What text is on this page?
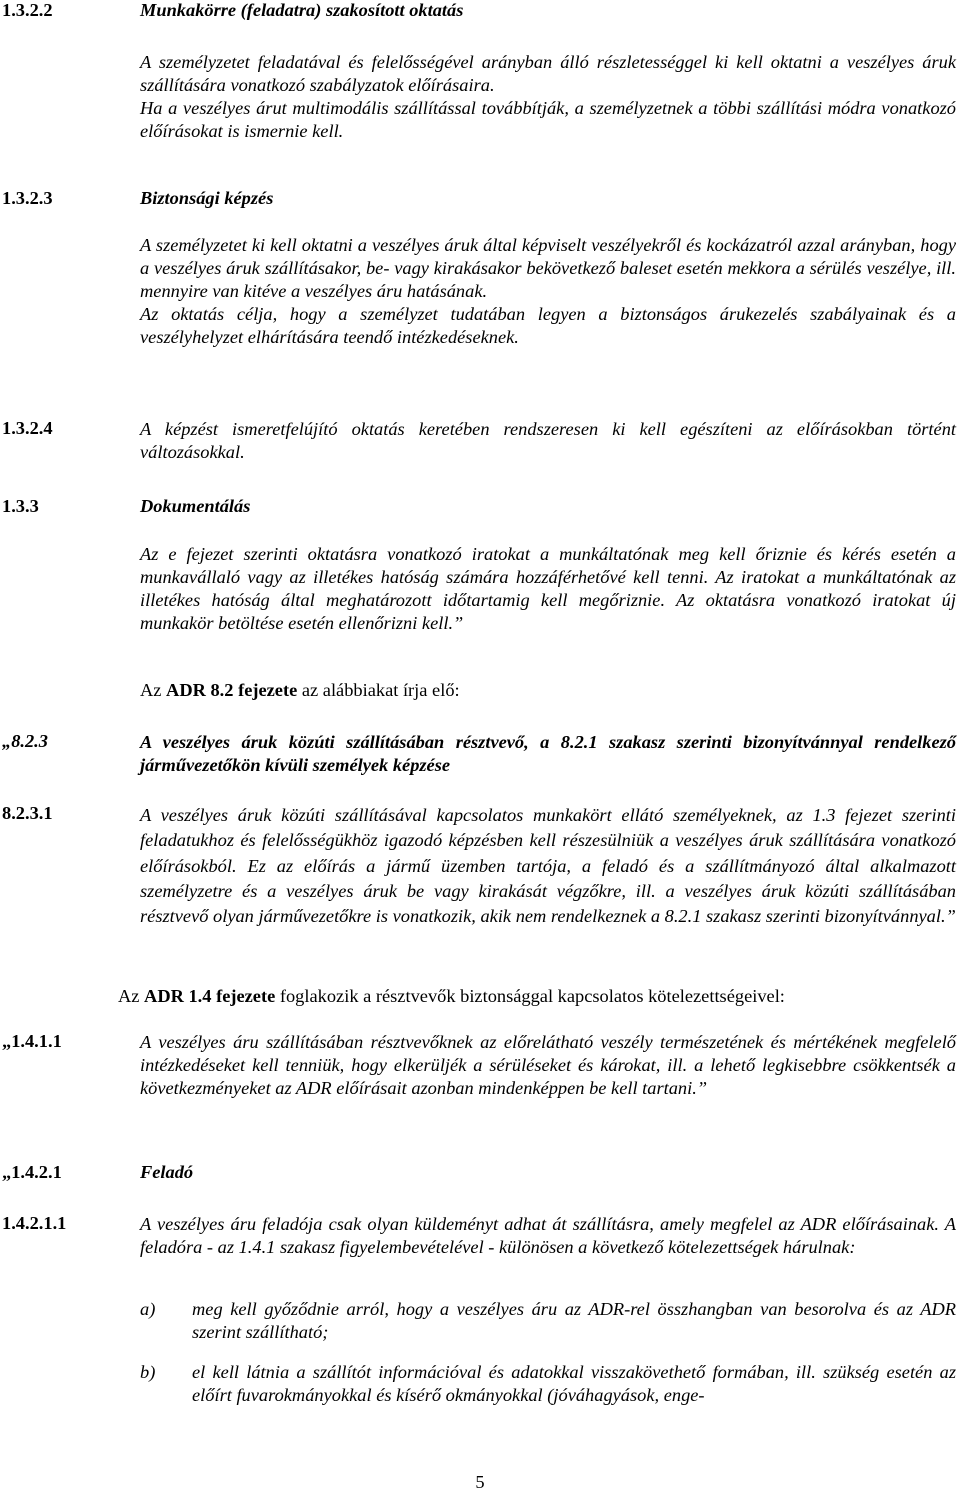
1.3.2.2	Munkakörre (feladatra) szakosított oktatás

A személyzetet feladatával és felelősségével arányban álló részletességgel ki kell oktatni a veszélyes áruk szállítására vonatkozó szabályzatok előírásaira.

Ha a veszélyes árut multimodális szállítással továbbítják, a személyzetnek a többi szállítási módra vonatkozó előírásokat is ismernie kell.

1.3.2.3	Biztonsági képzés

A személyzetet ki kell oktatni a veszélyes áruk által képviselt veszélyekről és kockázatról azzal arányban, hogy a veszélyes áruk szállításakor, be- vagy kirakásakor bekövetkező baleset esetén mekkora a sérülés veszélye, ill. mennyire van kitéve a veszélyes áru hatásának.

Az oktatás célja, hogy a személyzet tudatában legyen a biztonságos árukezelés szabályainak és a veszélyhelyzet elhárítására teendő intézkedéseknek.

1.3.2.4	A képzést ismeretfelújító oktatás keretében rendszeresen ki kell egészíteni az előírásokban történt változásokkal.

1.3.3	Dokumentálás

Az e fejezet szerinti oktatásra vonatkozó iratokat a munkáltatónak meg kell őriznie és kérés esetén a munkavállaló vagy az illetékes hatóság számára hozzáférhetővé kell tenni. Az iratokat a munkáltatónak az illetékes hatóság által meghatározott időtartamig kell megőriznie. Az oktatásra vonatkozó iratokat új munkakör betöltése esetén ellenőrizni kell.”

Az ADR 8.2 fejezete az alábbiakat írja elő:
„8.2.3	A veszélyes áruk közúti szállításában résztvevő, a 8.2.1 szakasz szerinti bizonyítvánnyal rendelkező járművezetőkön kívüli személyek képzése

8.2.3.1	A veszélyes áruk közúti szállításával kapcsolatos munkakört ellátó személyeknek, az 1.3 fejezet szerinti feladatukhoz és felelősségükhöz igazodó képzésben kell részesülniük a veszélyes áruk szállítására vonatkozó előírásokból. Ez az előírás a jármű üzemben tartója, a feladó és a szállítmányozó által alkalmazott személyzetre és a veszélyes áruk be vagy kirakását végzőkre, ill. a veszélyes áruk közúti szállításában résztvevő olyan járművezetőkre is vonatkozik, akik nem rendelkeznek a 8.2.1 szakasz szerinti bizonyítvánnyal.”

Az ADR 1.4 fejezete foglakozik a résztvevők biztonsággal kapcsolatos kötelezettségeivel:
„1.4.1.1	A veszélyes áru szállításában résztvevőknek az előrelátható veszély természetének és mértékének megfelelő intézkedéseket kell tenniük, hogy elkerüljék a sérüléseket és károkat, ill. a lehető legkisebbre csökkentsék a következményeket az ADR előírásait azonban mindenképpen be kell tartani.”

„1.4.2.1	Feladó
1.4.2.1.1	A veszélyes áru feladója csak olyan küldeményt adhat át szállításra, amely megfelel az ADR előírásainak. A feladóra - az 1.4.1 szakasz figyelembevételével - különösen a következő kötelezettségek hárulnak:

a) meg kell győződnie arról, hogy a veszélyes áru az ADR-rel összhangban van besorolva és az ADR szerint szállítható;
b) el kell látnia a szállítót információval és adatokkal visszakövethető formában, ill. szükség esetén az előírt fuvarokmányokkal és kísérő okmányokkal (jóváhagyások, enge-
5
